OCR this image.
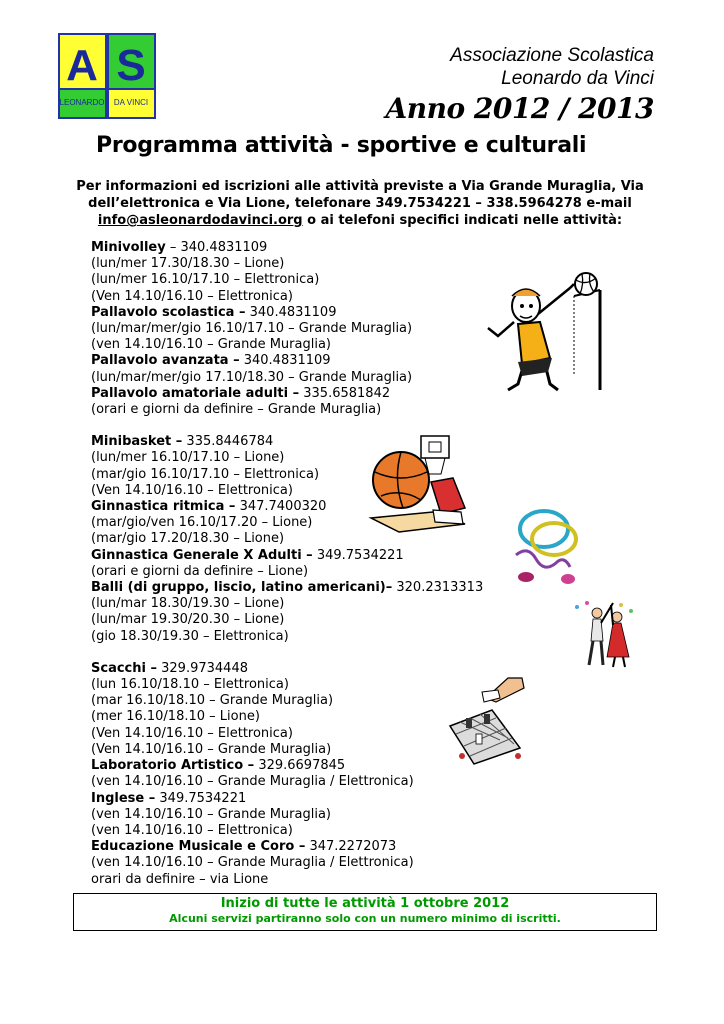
A S
LEONARDO DA VINCI
Associazione Scolastica
Leonardo da Vinci
Anno 2012 / 2013
Programma attività - sportive e culturali
Per informazioni ed iscrizioni alle attività previste a Via Grande Muraglia, Via
dell’elettronica e Via Lione, telefonare 349.7534221 – 338.5964278 e-mail
info@asleonardodavinci.org o ai telefoni specifici indicati nelle attività:
Minivolley – 340.4831109
(lun/mer 17.30/18.30 – Lione)
(lun/mer 16.10/17.10 – Elettronica)
(Ven 14.10/16.10 – Elettronica)
Pallavolo scolastica – 340.4831109
(lun/mar/mer/gio 16.10/17.10 – Grande Muraglia)
(ven 14.10/16.10 – Grande Muraglia)
Pallavolo avanzata – 340.4831109
(lun/mar/mer/gio 17.10/18.30 – Grande Muraglia)
Pallavolo amatoriale adulti – 335.6581842
(orari e giorni da definire – Grande Muraglia)
Minibasket – 335.8446784
(lun/mer 16.10/17.10 – Lione)
(mar/gio 16.10/17.10 – Elettronica)
(Ven 14.10/16.10 – Elettronica)
Ginnastica ritmica – 347.7400320
(mar/gio/ven 16.10/17.20 – Lione)
(mar/gio 17.20/18.30 – Lione)
Ginnastica Generale X Adulti – 349.7534221
(orari e giorni da definire – Lione)
Balli (di gruppo, liscio, latino americani)– 320.2313313
(lun/mar 18.30/19.30 – Lione)
(lun/mar 19.30/20.30 – Lione)
(gio 18.30/19.30 – Elettronica)
Scacchi – 329.9734448
(lun 16.10/18.10 – Elettronica)
(mar 16.10/18.10 – Grande Muraglia)
(mer 16.10/18.10 – Lione)
(Ven 14.10/16.10 – Elettronica)
(Ven 14.10/16.10 – Grande Muraglia)
Laboratorio Artistico – 329.6697845
(ven 14.10/16.10 – Grande Muraglia / Elettronica)
Inglese – 349.7534221
(ven 14.10/16.10 – Grande Muraglia)
(ven 14.10/16.10 – Elettronica)
Educazione Musicale e Coro – 347.2272073
(ven 14.10/16.10 – Grande Muraglia / Elettronica)
orari da definire – via Lione
Inizio di tutte le attività 1 ottobre 2012
Alcuni servizi partiranno solo con un numero minimo di iscritti.
